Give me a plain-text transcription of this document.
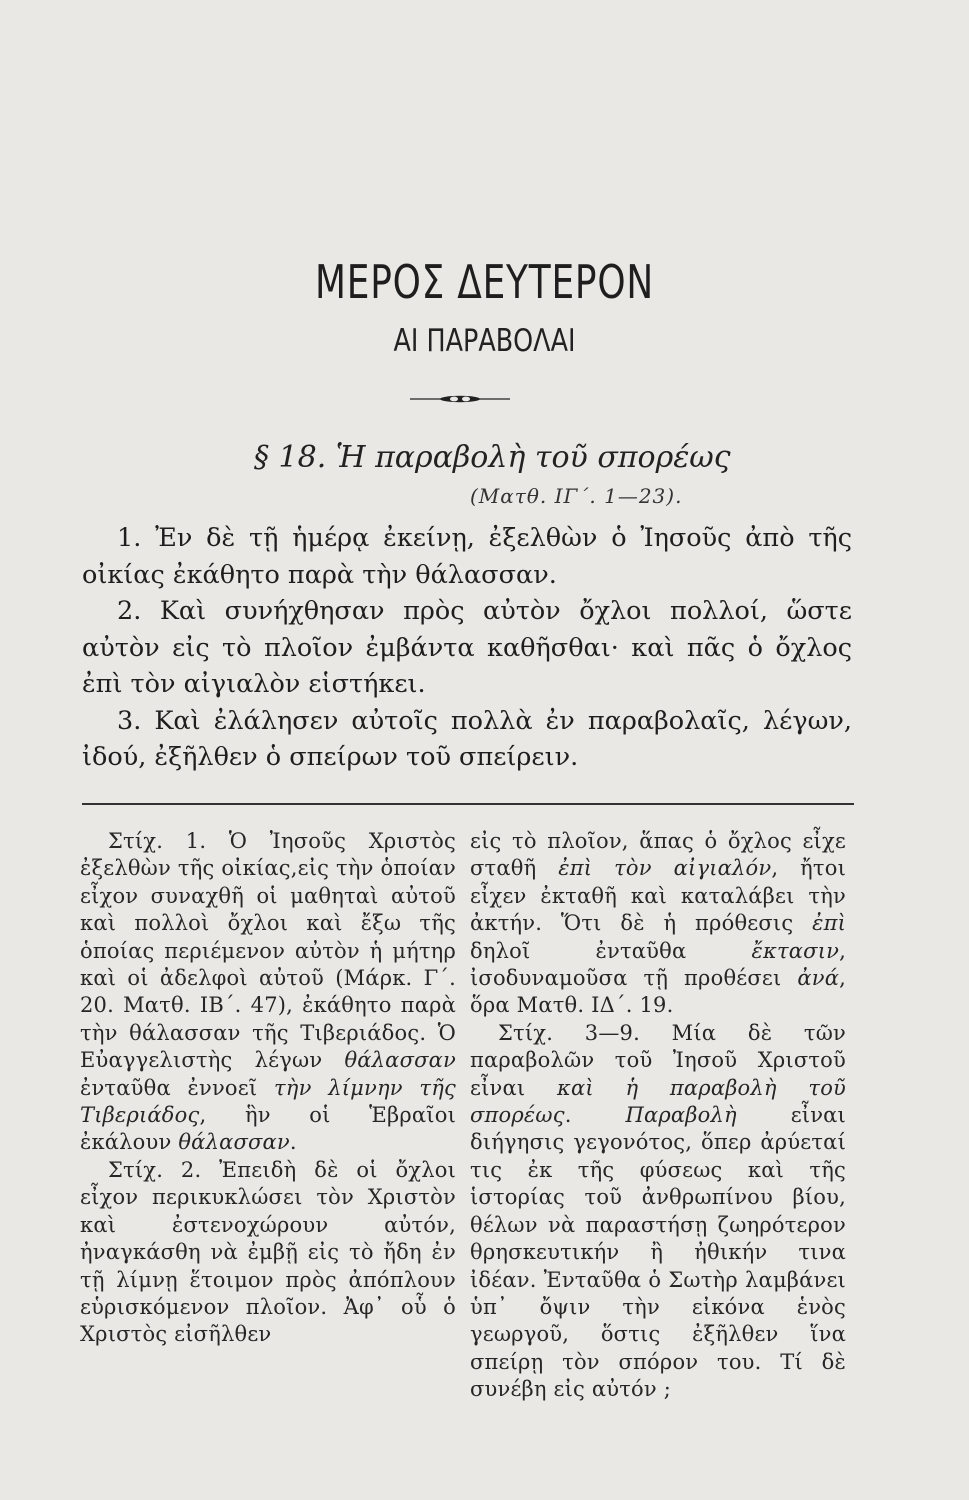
ΜΕΡΟΣ ΔΕΥΤΕΡΟΝ
ΑΙ ΠΑΡΑΒΟΛΑΙ
§ 18. Ἡ παραβολὴ τοῦ σπορέως
(Ματθ. ΙΓ΄. 1—23).

1. Ἐν δὲ τῇ ἡμέρᾳ ἐκείνῃ, ἐξελθὼν ὁ Ἰησοῦς ἀπὸ τῆς οἰκίας ἐκάθητο παρὰ τὴν θάλασσαν.

2. Καὶ συνήχθησαν πρὸς αὐτὸν ὄχλοι πολλοί, ὥστε αὐτὸν εἰς τὸ πλοῖον ἐμβάντα καθῆσθαι· καὶ πᾶς ὁ ὄχλος ἐπὶ τὸν αἰγιαλὸν εἱστήκει.

3. Καὶ ἐλάλησεν αὐτοῖς πολλὰ ἐν παραβολαῖς, λέγων, ἰδού, ἐξῆλθεν ὁ σπείρων τοῦ σπείρειν.

Στίχ. 1. Ὁ Ἰησοῦς Χριστὸς ἐξελθὼν τῆς οἰκίας,εἰς τὴν ὁποίαν εἶχον συναχθῆ οἱ μαθηταὶ αὐτοῦ καὶ πολλοὶ ὄχλοι καὶ ἔξω τῆς ὁποίας περιέμενον αὐτὸν ἡ μήτηρ καὶ οἱ ἀδελφοὶ αὐτοῦ (Μάρκ. Γ΄. 20. Ματθ. ΙΒ΄. 47), ἐκάθητο παρὰ τὴν θάλασσαν τῆς Τιβεριάδος. Ὁ Εὐαγγελιστὴς λέγων θάλασσαν ἐνταῦθα ἐννοεῖ τὴν λίμνην τῆς Τιβεριάδος, ἣν οἱ Ἑβραῖοι ἐκάλουν θάλασσαν.

Στίχ. 2. Ἐπειδὴ δὲ οἱ ὄχλοι εἶχον περικυκλώσει τὸν Χριστὸν καὶ ἐστενοχώρουν αὐτόν, ἠναγκάσθη νὰ ἐμβῇ εἰς τὸ ἤδη ἐν τῇ λίμνῃ ἕτοιμον πρὸς ἀπόπλουν εὑρισκόμενον πλοῖον. Ἀφ᾿ οὗ ὁ Χριστὸς εἰσῆλθεν

εἰς τὸ πλοῖον, ἅπας ὁ ὄχλος εἶχε σταθῆ ἐπὶ τὸν αἰγιαλόν, ἤτοι εἶχεν ἐκταθῆ καὶ καταλάβει τὴν ἀκτήν. Ὅτι δὲ ἡ πρόθεσις ἐπὶ δηλοῖ ἐνταῦθα ἔκτασιν, ἰσοδυναμοῦσα τῇ προθέσει ἀνά, ὅρα Ματθ. ΙΔ΄. 19.

Στίχ. 3—9. Μία δὲ τῶν παραβολῶν τοῦ Ἰησοῦ Χριστοῦ εἶναι καὶ ἡ παραβολὴ τοῦ σπορέως. Παραβολὴ εἶναι διήγησις γεγονότος, ὅπερ ἀρύεταί τις ἐκ τῆς φύσεως καὶ τῆς ἱστορίας τοῦ ἀνθρωπίνου βίου, θέλων νὰ παραστήσῃ ζωηρότερον θρησκευτικήν ἢ ἠθικήν τινα ἰδέαν. Ἐνταῦθα ὁ Σωτὴρ λαμβάνει ὑπ᾿ ὄψιν τὴν εἰκόνα ἑνὸς γεωργοῦ, ὅστις ἐξῆλθεν ἵνα σπείρῃ τὸν σπόρον του. Τί δὲ συνέβη εἰς αὐτόν ;
